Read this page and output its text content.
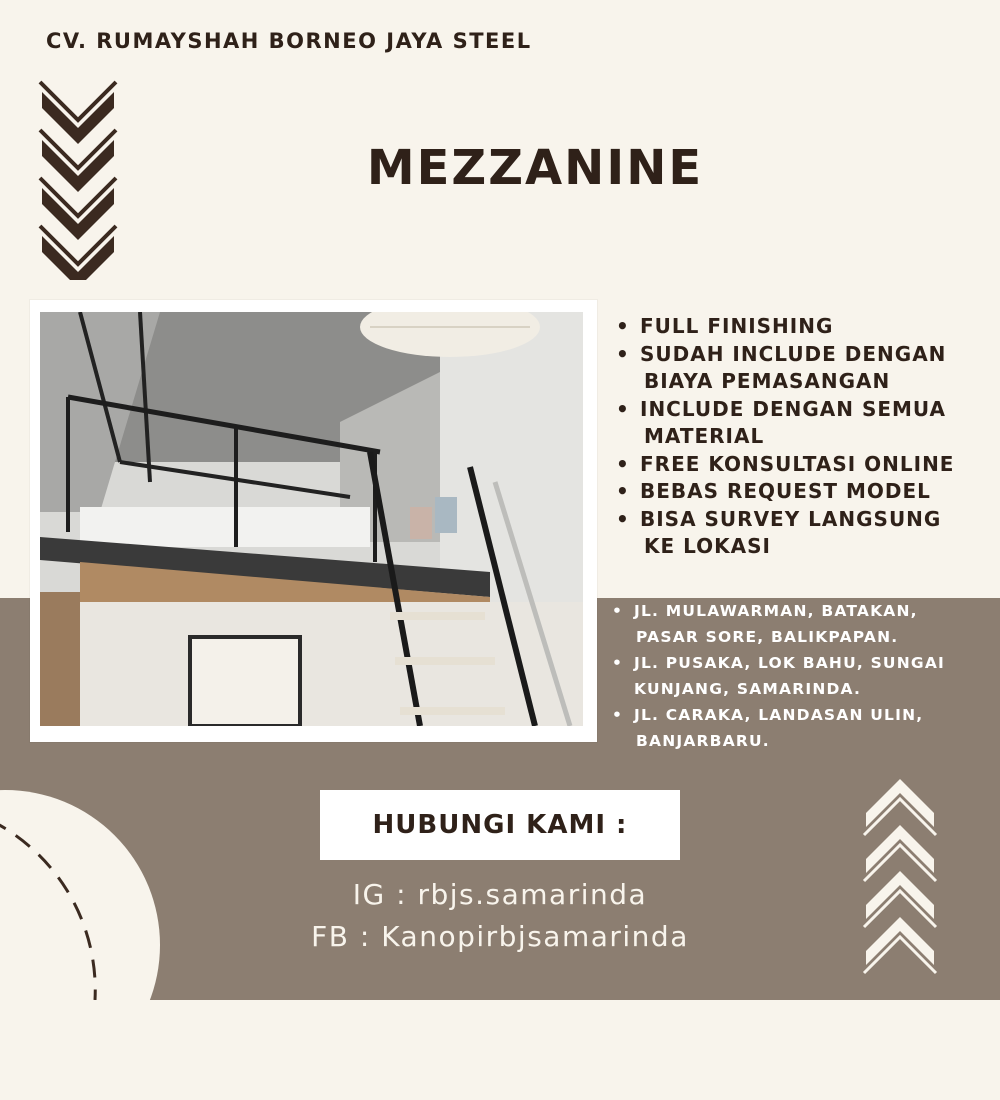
CV. RUMAYSHAH BORNEO JAYA STEEL
MEZZANINE
• FULL FINISHING
• SUDAH INCLUDE DENGAN
BIAYA PEMASANGAN
• INCLUDE DENGAN SEMUA
MATERIAL
• FREE KONSULTASI ONLINE
• BEBAS REQUEST MODEL
• BISA SURVEY LANGSUNG
KE LOKASI
• JL. MULAWARMAN, BATAKAN,
PASAR SORE, BALIKPAPAN.
• JL. PUSAKA, LOK BAHU, SUNGAI
KUNJANG, SAMARINDA.
• JL. CARAKA, LANDASAN ULIN,
BANJARBARU.
HUBUNGI KAMI :
IG : rbjs.samarinda
FB : Kanopirbjsamarinda
